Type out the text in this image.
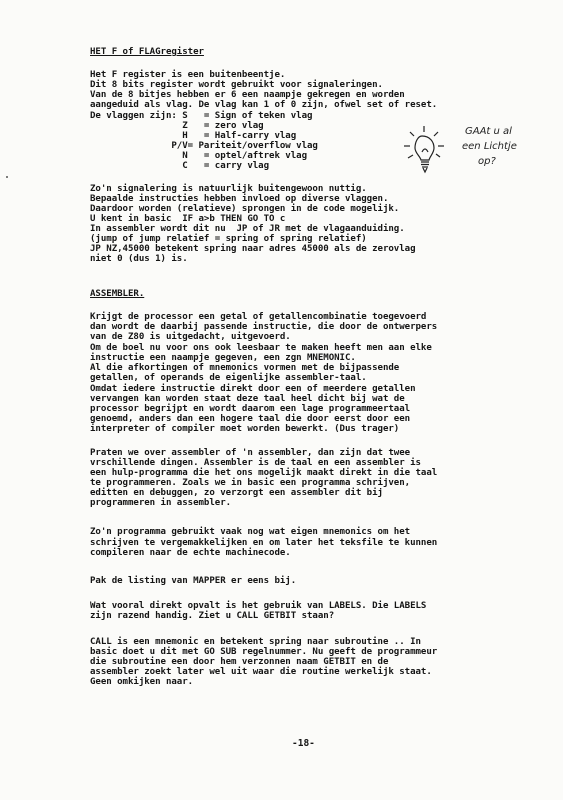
HET F of FLAGregister

Het F register is een buitenbeentje.

Dit 8 bits register wordt gebruikt voor signaleringen.

Van de 8 bitjes hebben er 6 een naampje gekregen en worden

aangeduid als vlag. De vlag kan 1 of 0 zijn, ofwel set of reset.

De vlaggen zijn: S   = Sign of teken vlag

Z   = zero vlag

H   = Half-carry vlag

P/V= Pariteit/overflow vlag

N   = optel/aftrek vlag

C   = carry vlag

GAAt u al

een Lichtje

op?

Zo'n signalering is natuurlijk buitengewoon nuttig.

Bepaalde instructies hebben invloed op diverse vlaggen.

Daardoor worden (relatieve) sprongen in de code mogelijk.

U kent in basic  IF a>b THEN GO TO c

In assembler wordt dit nu  JP of JR met de vlagaanduiding.

(jump of jump relatief = spring of spring relatief)

JP NZ,45000 betekent spring naar adres 45000 als de zerovlag

niet 0 (dus 1) is.

ASSEMBLER.

Krijgt de processor een getal of getallencombinatie toegevoerd

dan wordt de daarbij passende instructie, die door de ontwerpers

van de Z80 is uitgedacht, uitgevoerd.

Om de boel nu voor ons ook leesbaar te maken heeft men aan elke

instructie een naampje gegeven, een zgn MNEMONIC.

Al die afkortingen of mnemonics vormen met de bijpassende

getallen, of operands de eigenlijke assembler-taal.

Omdat iedere instructie direkt door een of meerdere getallen

vervangen kan worden staat deze taal heel dicht bij wat de

processor begrijpt en wordt daarom een lage programmeertaal

genoemd, anders dan een hogere taal die door eerst door een

interpreter of compiler moet worden bewerkt. (Dus trager)

Praten we over assembler of 'n assembler, dan zijn dat twee

vrschillende dingen. Assembler is de taal en een assembler is

een hulp-programma die het ons mogelijk maakt direkt in die taal

te programmeren. Zoals we in basic een programma schrijven,

editten en debuggen, zo verzorgt een assembler dit bij

programmeren in assembler.

Zo'n programma gebruikt vaak nog wat eigen mnemonics om het

schrijven te vergemakkelijken en om later het teksfile te kunnen

compileren naar de echte machinecode.

Pak de listing van MAPPER er eens bij.

Wat vooral direkt opvalt is het gebruik van LABELS. Die LABELS

zijn razend handig. Ziet u CALL GETBIT staan?

CALL is een mnemonic en betekent spring naar subroutine .. In

basic doet u dit met GO SUB regelnummer. Nu geeft de programmeur

die subroutine een door hem verzonnen naam GETBIT en de

assembler zoekt later wel uit waar die routine werkelijk staat.

Geen omkijken naar.

-18-
